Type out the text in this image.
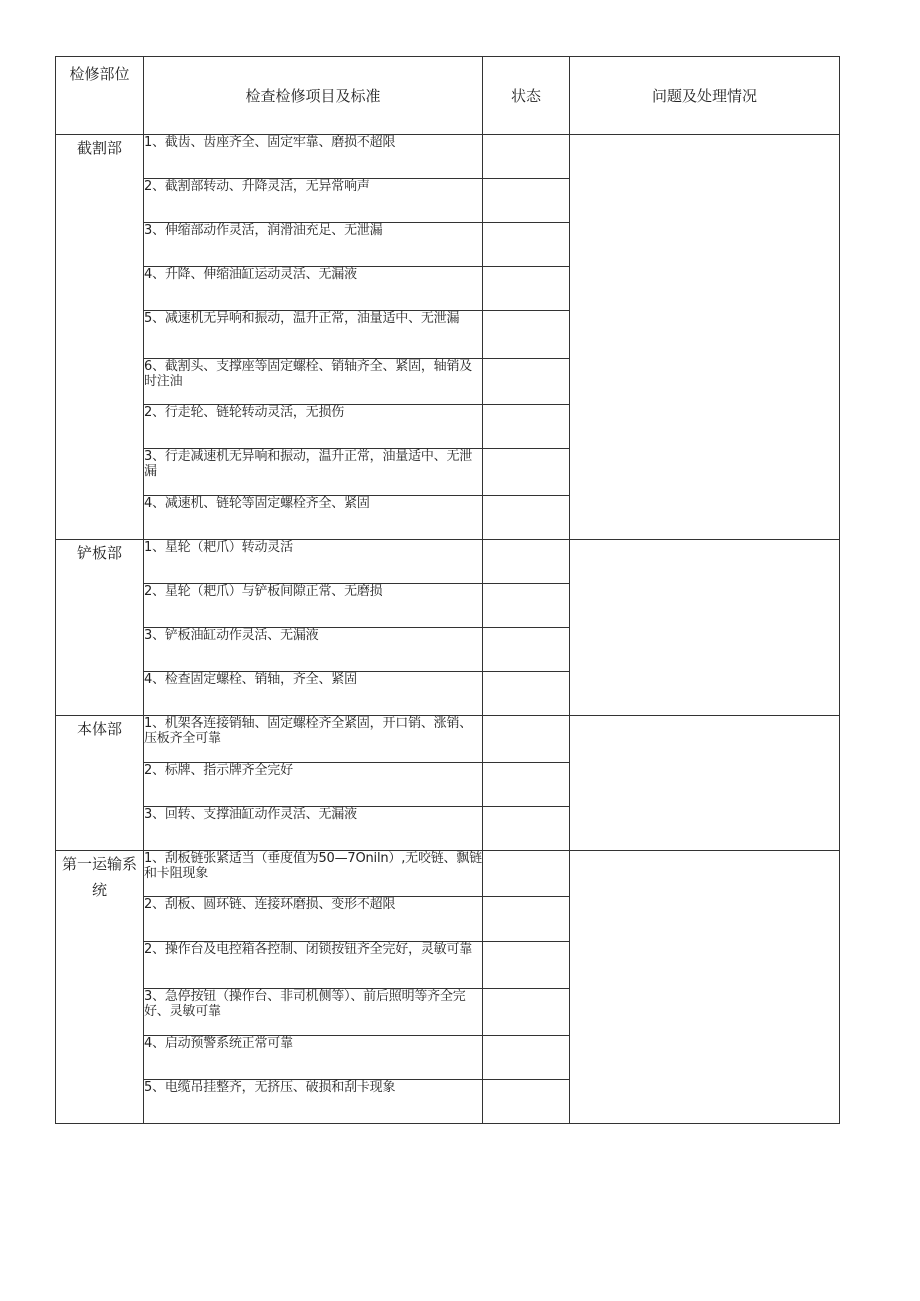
检修部位	检查检修项目及标准	状态	问题及处理情况
截割部	1、截齿、齿座齐全、固定牢靠、磨损不超限		
	2、截割部转动、升降灵活，无异常响声		
	3、伸缩部动作灵活，润滑油充足、无泄漏		
	4、升降、伸缩油缸运动灵活、无漏液		
	5、减速机无异响和振动，温升正常，油量适中、无泄漏		
	6、截割头、支撑座等固定螺栓、销轴齐全、紧固，轴销及时注油		
	2、行走轮、链轮转动灵活，无损伤		
	3、行走减速机无异响和振动，温升正常，油量适中、无泄漏		
	4、减速机、链轮等固定螺栓齐全、紧固		
铲板部	1、星轮（耙爪）转动灵活		
	2、星轮（耙爪）与铲板间隙正常、无磨损		
	3、铲板油缸动作灵活、无漏液		
	4、检查固定螺栓、销轴，齐全、紧固		
本体部	1、机架各连接销轴、固定螺栓齐全紧固，开口销、涨销、压板齐全可靠		
	2、标牌、指示牌齐全完好		
	3、回转、支撑油缸动作灵活、无漏液		
第一运输系统	1、刮板链张紧适当（垂度值为50—7Oniln）,无咬链、飘链和卡阻现象		
	2、刮板、圆环链、连接环磨损、变形不超限		
	2、操作台及电控箱各控制、闭锁按钮齐全完好，灵敏可靠		
	3、急停按钮（操作台、非司机侧等）、前后照明等齐全完好、灵敏可靠		
	4、启动预警系统正常可靠		
	5、电缆吊挂整齐，无挤压、破损和刮卡现象		
